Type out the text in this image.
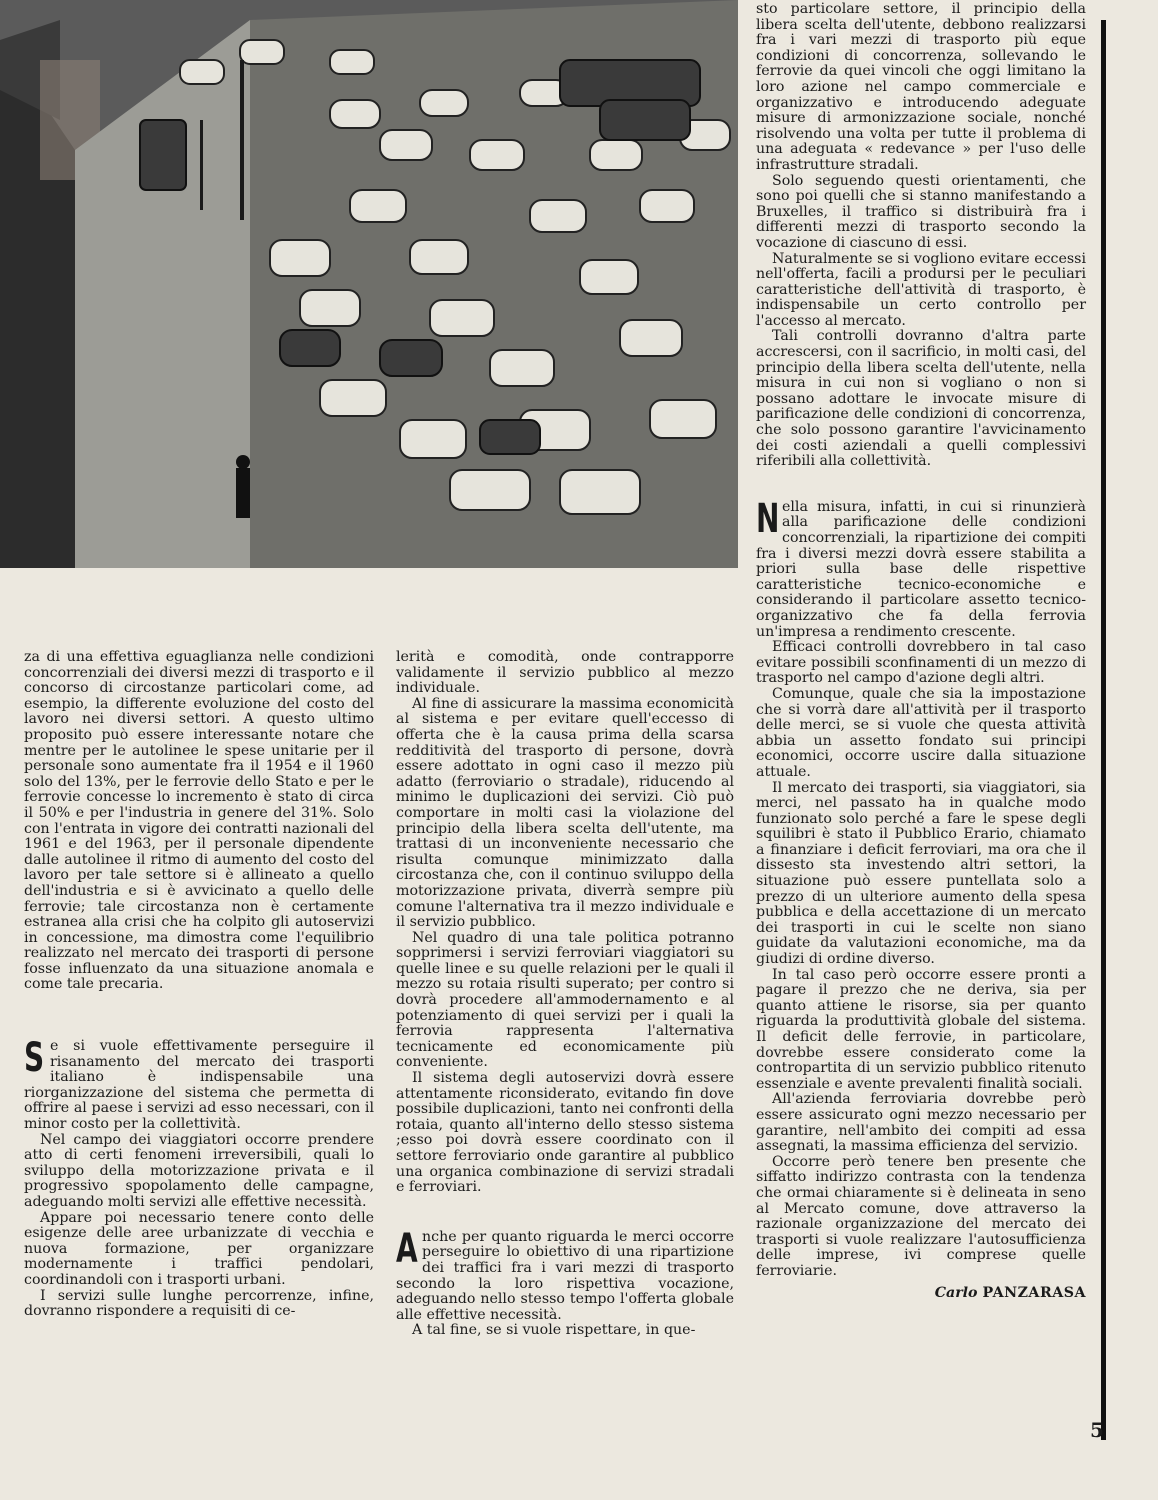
sto particolare settore, il principio della libera scelta dell'utente, debbono realizzarsi fra i vari mezzi di trasporto più eque condizioni di concorrenza, sollevando le ferrovie da quei vincoli che oggi limitano la loro azione nel campo commerciale e organizzativo e introducendo adeguate misure di armonizzazione sociale, nonché risolvendo una volta per tutte il problema di una adeguata « redevance » per l'uso delle infrastrutture stradali.

Solo seguendo questi orientamenti, che sono poi quelli che si stanno manifestando a Bruxelles, il traffico si distribuirà fra i differenti mezzi di trasporto secondo la vocazione di ciascuno di essi.

Naturalmente se si vogliono evitare eccessi nell'offerta, facili a prodursi per le peculiari caratteristiche dell'attività di trasporto, è indispensabile un certo controllo per l'accesso al mercato.

Tali controlli dovranno d'altra parte accrescersi, con il sacrificio, in molti casi, del principio della libera scelta dell'utente, nella misura in cui non si vogliano o non si possano adottare le invocate misure di parificazione delle condizioni di concorrenza, che solo possono garantire l'avvicinamento dei costi aziendali a quelli complessivi riferibili alla collettività.

N ella misura, infatti, in cui si rinunzierà alla parificazione delle condizioni concorrenziali, la ripartizione dei compiti fra i diversi mezzi dovrà essere stabilita a priori sulla base delle rispettive caratteristiche tecnico-economiche e considerando il particolare assetto tecnico-organizzativo che fa della ferrovia un'impresa a rendimento crescente.

Efficaci controlli dovrebbero in tal caso evitare possibili sconfinamenti di un mezzo di trasporto nel campo d'azione degli altri.

Comunque, quale che sia la impostazione che si vorrà dare all'attività per il trasporto delle merci, se si vuole che questa attività abbia un assetto fondato sui principi economici, occorre uscire dalla situazione attuale.

Il mercato dei trasporti, sia viaggiatori, sia merci, nel passato ha in qualche modo funzionato solo perché a fare le spese degli squilibri è stato il Pubblico Erario, chiamato a finanziare i deficit ferroviari, ma ora che il dissesto sta investendo altri settori, la situazione può essere puntellata solo a prezzo di un ulteriore aumento della spesa pubblica e della accettazione di un mercato dei trasporti in cui le scelte non siano guidate da valutazioni economiche, ma da giudizi di ordine diverso.

In tal caso però occorre essere pronti a pagare il prezzo che ne deriva, sia per quanto attiene le risorse, sia per quanto riguarda la produttività globale del sistema. Il deficit delle ferrovie, in particolare, dovrebbe essere considerato come la contropartita di un servizio pubblico ritenuto essenziale e avente prevalenti finalità sociali.

All'azienda ferroviaria dovrebbe però essere assicurato ogni mezzo necessario per garantire, nell'ambito dei compiti ad essa assegnati, la massima efficienza del servizio.

Occorre però tenere ben presente che siffatto indirizzo contrasta con la tendenza che ormai chiaramente si è delineata in seno al Mercato comune, dove attraverso la razionale organizzazione del mercato dei trasporti si vuole realizzare l'autosufficienza delle imprese, ivi comprese quelle ferroviarie.

Carlo PANZARASA

za di una effettiva eguaglianza nelle condizioni concorrenziali dei diversi mezzi di trasporto e il concorso di circostanze particolari come, ad esempio, la differente evoluzione del costo del lavoro nei diversi settori. A questo ultimo proposito può essere interessante notare che mentre per le autolinee le spese unitarie per il personale sono aumentate fra il 1954 e il 1960 solo del 13%, per le ferrovie dello Stato e per le ferrovie concesse lo incremento è stato di circa il 50% e per l'industria in genere del 31%. Solo con l'entrata in vigore dei contratti nazionali del 1961 e del 1963, per il personale dipendente dalle autolinee il ritmo di aumento del costo del lavoro per tale settore si è allineato a quello dell'industria e si è avvicinato a quello delle ferrovie; tale circostanza non è certamente estranea alla crisi che ha colpito gli autoservizi in concessione, ma dimostra come l'equilibrio realizzato nel mercato dei trasporti di persone fosse influenzato da una situazione anomala e come tale precaria.

S e si vuole effettivamente perseguire il risanamento del mercato dei trasporti italiano è indispensabile una riorganizzazione del sistema che permetta di offrire al paese i servizi ad esso necessari, con il minor costo per la collettività.

Nel campo dei viaggiatori occorre prendere atto di certi fenomeni irreversibili, quali lo sviluppo della motorizzazione privata e il progressivo spopolamento delle campagne, adeguando molti servizi alle effettive necessità.

Appare poi necessario tenere conto delle esigenze delle aree urbanizzate di vecchia e nuova formazione, per organizzare modernamente i traffici pendolari, coordinandoli con i trasporti urbani.

I servizi sulle lunghe percorrenze, infine, dovranno rispondere a requisiti di ce-

lerità e comodità, onde contrapporre validamente il servizio pubblico al mezzo individuale.

Al fine di assicurare la massima economicità al sistema e per evitare quell'eccesso di offerta che è la causa prima della scarsa redditività del trasporto di persone, dovrà essere adottato in ogni caso il mezzo più adatto (ferroviario o stradale), riducendo al minimo le duplicazioni dei servizi. Ciò può comportare in molti casi la violazione del principio della libera scelta dell'utente, ma trattasi di un inconveniente necessario che risulta comunque minimizzato dalla circostanza che, con il continuo sviluppo della motorizzazione privata, diverrà sempre più comune l'alternativa tra il mezzo individuale e il servizio pubblico.

Nel quadro di una tale politica potranno sopprimersi i servizi ferroviari viaggiatori su quelle linee e su quelle relazioni per le quali il mezzo su rotaia risulti superato; per contro si dovrà procedere all'ammodernamento e al potenziamento di quei servizi per i quali la ferrovia rappresenta l'alternativa tecnicamente ed economicamente più conveniente.

Il sistema degli autoservizi dovrà essere attentamente riconsiderato, evitando fin dove possibile duplicazioni, tanto nei confronti della rotaia, quanto all'interno dello stesso sistema ;esso poi dovrà essere coordinato con il settore ferroviario onde garantire al pubblico una organica combinazione di servizi stradali e ferroviari.

A nche per quanto riguarda le merci occorre perseguire lo obiettivo di una ripartizione dei traffici fra i vari mezzi di trasporto secondo la loro rispettiva vocazione, adeguando nello stesso tempo l'offerta globale alle effettive necessità.

A tal fine, se si vuole rispettare, in que-

5
